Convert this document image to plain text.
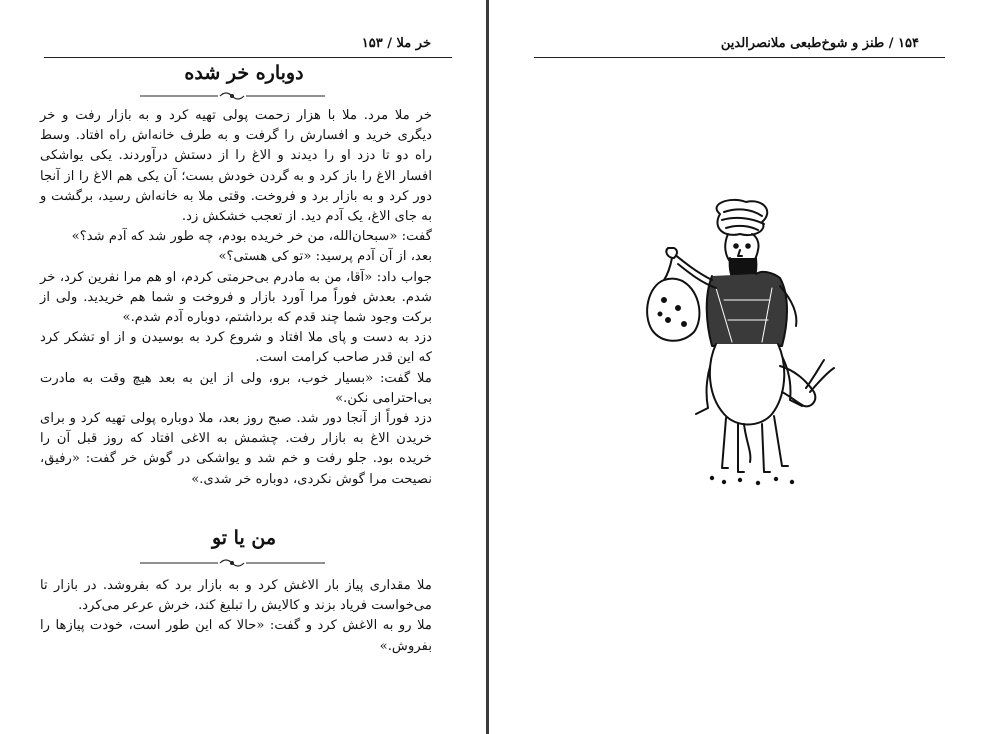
خر ملا / ۱۵۳
دوباره خر شده

خر ملا مرد. ملا با هزار زحمت پولی تهیه کرد و به بازار رفت و خر دیگری خرید و افسارش را گرفت و به طرف خانه‌اش راه افتاد. وسط راه دو تا دزد او را دیدند و الاغ را از دستش درآوردند. یکی یواشکی افسار الاغ را باز کرد و به گردن خودش بست؛ آن یکی هم الاغ را از آنجا دور کرد و به بازار برد و فروخت. وقتی ملا به خانه‌اش رسید، برگشت و به جای الاغ، یک آدم دید. از تعجب خشکش زد.

گفت: «سبحان‌الله، من خر خریده بودم، چه طور شد که آدم شد؟»

بعد، از آن آدم پرسید: «تو کی هستی؟»

جواب داد: «آقا، من به مادرم بی‌حرمتی کردم، او هم مرا نفرین کرد، خر شدم. بعدش فوراً مرا آورد بازار و فروخت و شما هم خریدید. ولی از برکت وجود شما چند قدم که برداشتم، دوباره آدم شدم.»

دزد به دست و پای ملا افتاد و شروع کرد به بوسیدن و از او تشکر کرد که این قدر صاحب کرامت است.

ملا گفت: «بسیار خوب، برو، ولی از این به بعد هیچ وقت به مادرت بی‌احترامی نکن.»

دزد فوراً از آنجا دور شد. صبح روز بعد، ملا دوباره پولی تهیه کرد و برای خریدن الاغ به بازار رفت. چشمش به الاغی افتاد که روز قبل آن را خریده بود. جلو رفت و خم شد و یواشکی در گوش خر گفت: «رفیق، نصیحت مرا گوش نکردی، دوباره خر شدی.»

من یا تو

ملا مقداری پیاز بار الاغش کرد و به بازار برد که بفروشد. در بازار تا می‌خواست فریاد بزند و کالایش را تبلیغ کند، خرش عرعر می‌کرد.

ملا رو به الاغش کرد و گفت: «حالا که این طور است، خودت پیازها را بفروش.»

۱۵۴ / طنز و شوخ‌طبعی ملانصرالدین
